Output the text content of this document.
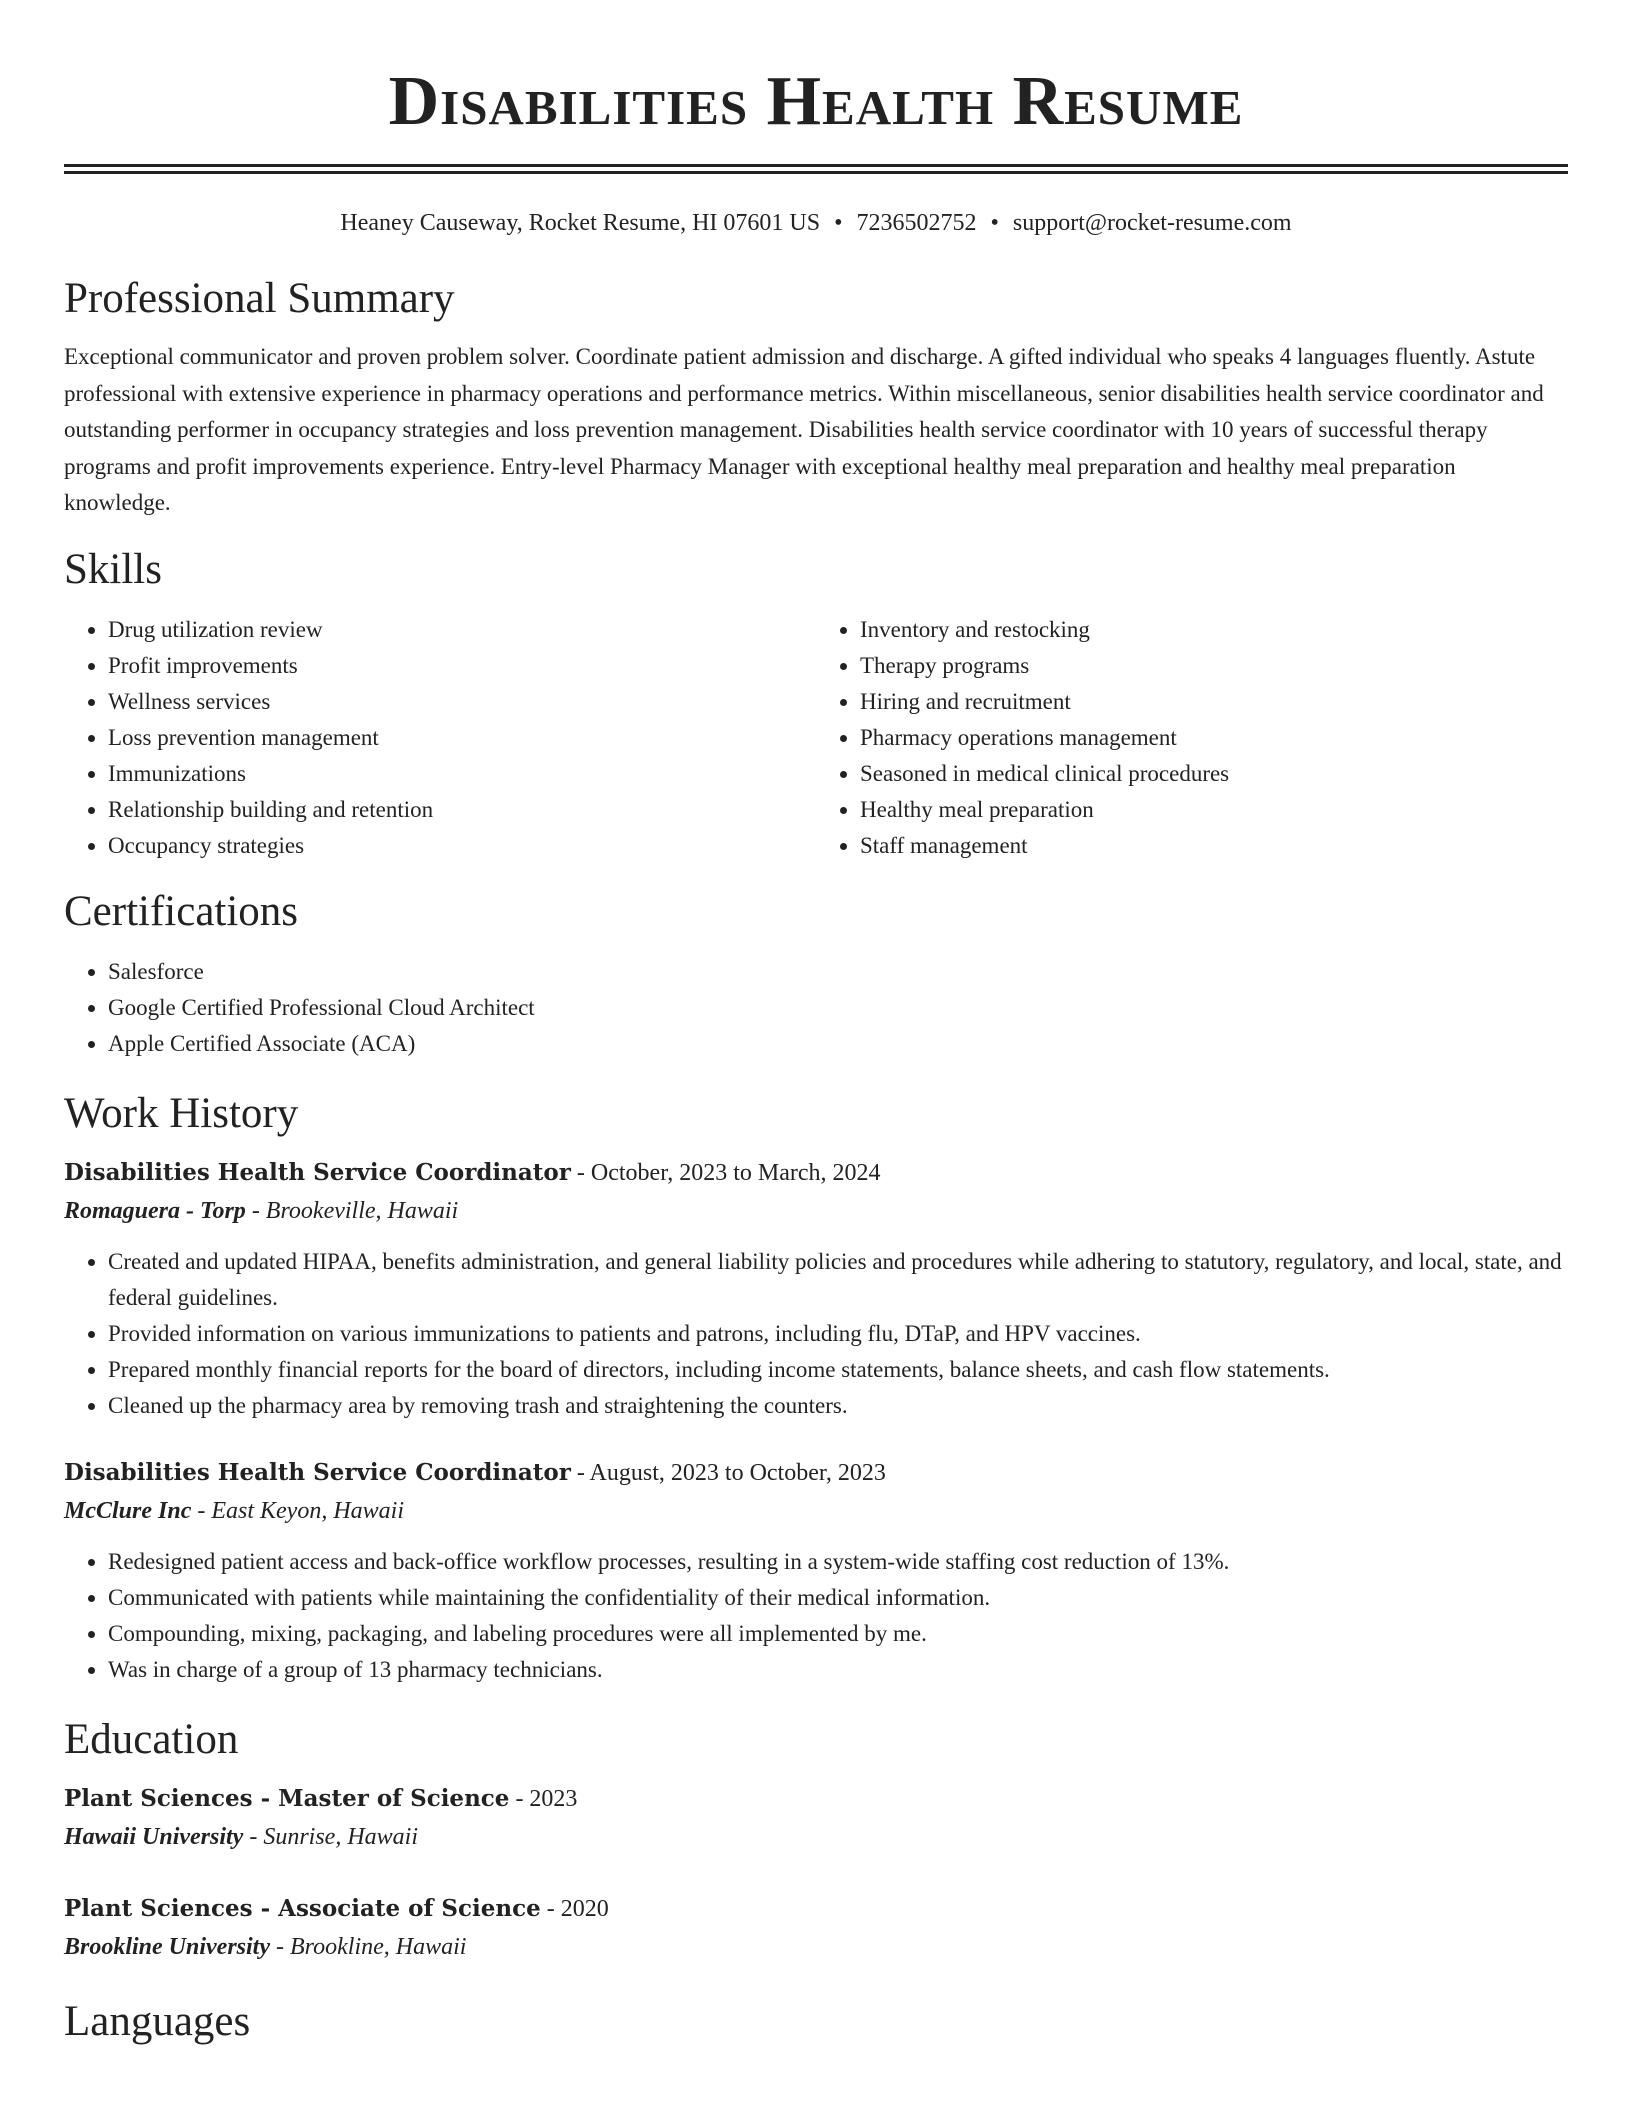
Disabilities Health Resume
Heaney Causeway, Rocket Resume, HI 07601 US • 7236502752 • support@rocket-resume.com
Professional Summary

Exceptional communicator and proven problem solver. Coordinate patient admission and discharge. A gifted individual who speaks 4 languages fluently. Astute professional with extensive experience in pharmacy operations and performance metrics. Within miscellaneous, senior disabilities health service coordinator and outstanding performer in occupancy strategies and loss prevention management. Disabilities health service coordinator with 10 years of successful therapy programs and profit improvements experience. Entry-level Pharmacy Manager with exceptional healthy meal preparation and healthy meal preparation knowledge.

Skills
• Drug utilization review
• Profit improvements
• Wellness services
• Loss prevention management
• Immunizations
• Relationship building and retention
• Occupancy strategies
• Inventory and restocking
• Therapy programs
• Hiring and recruitment
• Pharmacy operations management
• Seasoned in medical clinical procedures
• Healthy meal preparation
• Staff management
Certifications
• Salesforce
• Google Certified Professional Cloud Architect
• Apple Certified Associate (ACA)
Work History
Disabilities Health Service Coordinator - October, 2023 to March, 2024
Romaguera - Torp - Brookeville, Hawaii
• Created and updated HIPAA, benefits administration, and general liability policies and procedures while adhering to statutory, regulatory, and local, state, and federal guidelines.
• Provided information on various immunizations to patients and patrons, including flu, DTaP, and HPV vaccines.
• Prepared monthly financial reports for the board of directors, including income statements, balance sheets, and cash flow statements.
• Cleaned up the pharmacy area by removing trash and straightening the counters.
Disabilities Health Service Coordinator - August, 2023 to October, 2023
McClure Inc - East Keyon, Hawaii
• Redesigned patient access and back-office workflow processes, resulting in a system-wide staffing cost reduction of 13%.
• Communicated with patients while maintaining the confidentiality of their medical information.
• Compounding, mixing, packaging, and labeling procedures were all implemented by me.
• Was in charge of a group of 13 pharmacy technicians.
Education
Plant Sciences - Master of Science - 2023
Hawaii University - Sunrise, Hawaii
Plant Sciences - Associate of Science - 2020
Brookline University - Brookline, Hawaii
Languages
